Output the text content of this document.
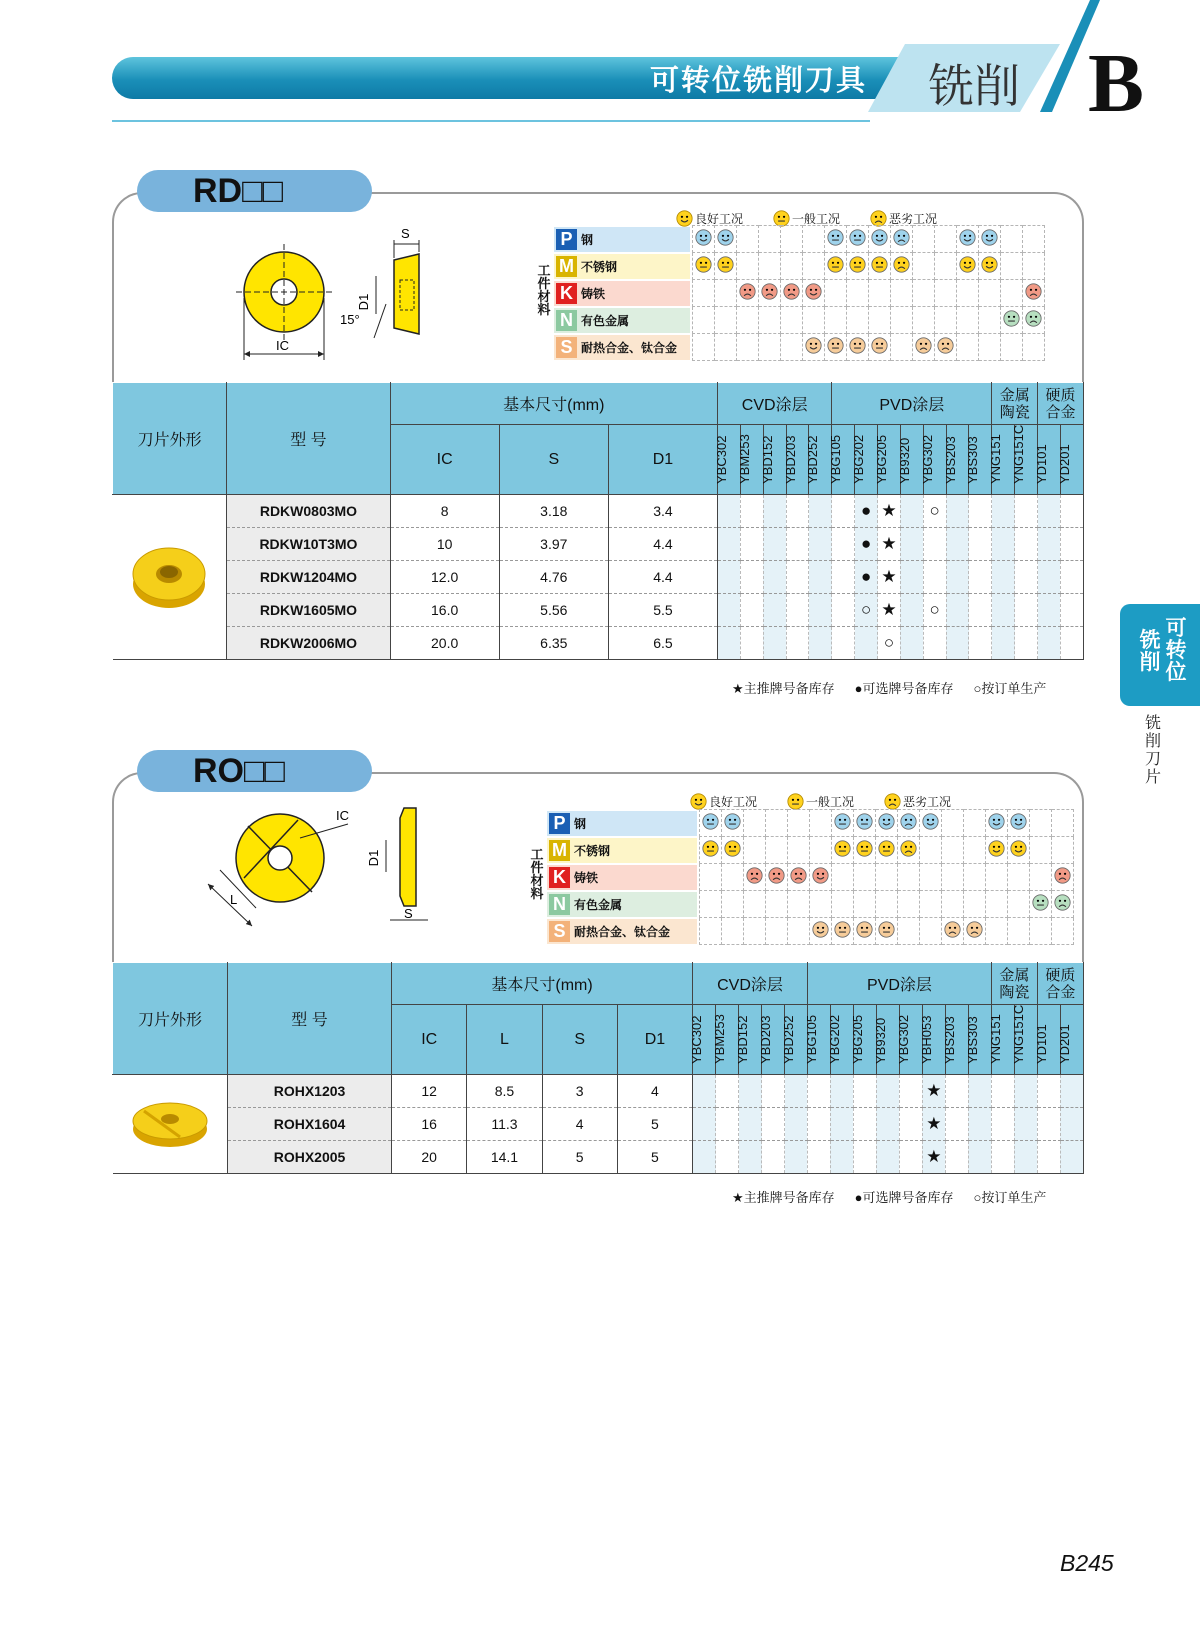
可转位铣削刀具 铣削 B
可
转
位
铣
削
铣
削
刀
片
RD□□
IC
S
D1
15°
良好工况	一般工况	恶劣工况
工
件
材
料
P 钢

M 不锈钢

K 铸铁

N 有色金属

S 耐热合金、钛合金

刀片外形	型 号	基本尺寸(mm)			CVD涂层					PVD涂层							金属陶瓷		硬质合金	
		IC	S	D1	YBC302	YBM253	YBD152	YBD203	YBD252	YBG105	YBG202	YBG205	YB9320	YBG302	YBS203	YBS303	YNG151	YNG151C	YD101	YD201

	RDKW0803MO	8	3.18	3.4							●	★		○						
	RDKW10T3MO	10	3.97	4.4							●	★								
	RDKW1204MO	12.0	4.76	4.4							●	★								
	RDKW1605MO	16.0	5.56	5.5							○	★		○						
	RDKW2006MO	20.0	6.35	6.5								○								
★主推牌号备库存 ●可选牌号备库存 ○按订单生产
RO□□
L
IC
D1
S
良好工况	一般工况	恶劣工况
工
件
材
料
P 钢

M 不锈钢

K 铸铁

N 有色金属

S 耐热合金、钛合金

刀片外形	型 号	基本尺寸(mm)				CVD涂层					PVD涂层								金属陶瓷		硬质合金	
		IC	L	S	D1	YBC302	YBM253	YBD152	YBD203	YBD252	YBG105	YBG202	YBG205	YB9320	YBG302	YBH053	YBS203	YBS303	YNG151	YNG151C	YD101	YD201

	ROHX1203	12	8.5	3	4											★						
	ROHX1604	16	11.3	4	5											★						
	ROHX2005	20	14.1	5	5											★						
★主推牌号备库存 ●可选牌号备库存 ○按订单生产
B245
